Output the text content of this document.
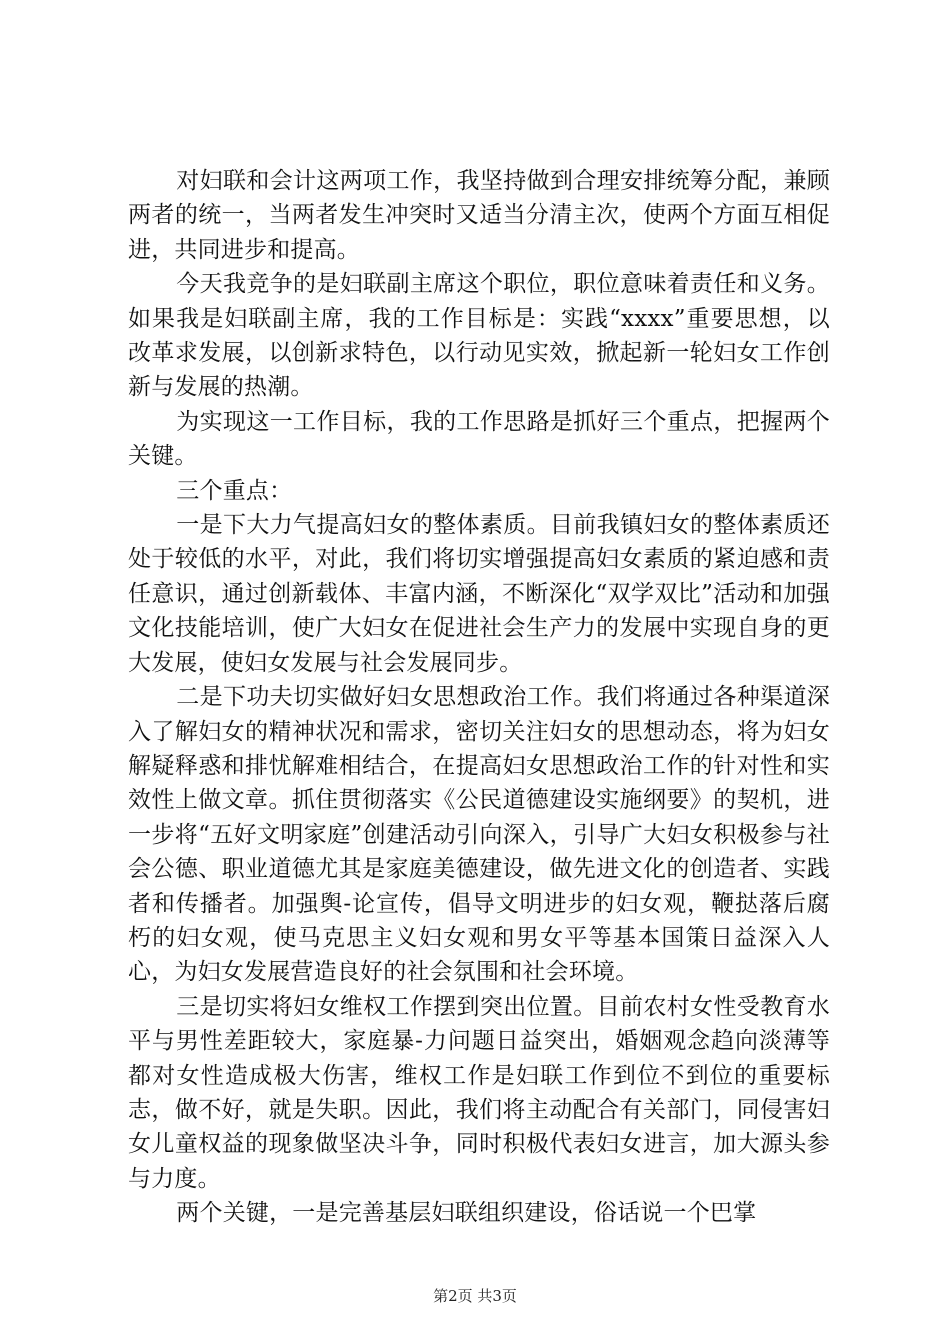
对妇联和会计这两项工作，我坚持做到合理安排统筹分配，兼顾两者的统一，当两者发生冲突时又适当分清主次，使两个方面互相促进，共同进步和提高。

今天我竞争的是妇联副主席这个职位，职位意味着责任和义务。如果我是妇联副主席，我的工作目标是：实践“xxxx”重要思想，以改革求发展，以创新求特色，以行动见实效，掀起新一轮妇女工作创新与发展的热潮。

为实现这一工作目标，我的工作思路是抓好三个重点，把握两个关键。

三个重点：

一是下大力气提高妇女的整体素质。目前我镇妇女的整体素质还处于较低的水平，对此，我们将切实增强提高妇女素质的紧迫感和责任意识，通过创新载体、丰富内涵，不断深化“双学双比”活动和加强文化技能培训，使广大妇女在促进社会生产力的发展中实现自身的更大发展，使妇女发展与社会发展同步。

二是下功夫切实做好妇女思想政治工作。我们将通过各种渠道深入了解妇女的精神状况和需求，密切关注妇女的思想动态，将为妇女解疑释惑和排忧解难相结合，在提高妇女思想政治工作的针对性和实效性上做文章。抓住贯彻落实《公民道德建设实施纲要》的契机，进一步将“五好文明家庭”创建活动引向深入，引导广大妇女积极参与社会公德、职业道德尤其是家庭美德建设，做先进文化的创造者、实践者和传播者。加强舆-论宣传，倡导文明进步的妇女观，鞭挞落后腐朽的妇女观，使马克思主义妇女观和男女平等基本国策日益深入人心，为妇女发展营造良好的社会氛围和社会环境。

三是切实将妇女维权工作摆到突出位置。目前农村女性受教育水平与男性差距较大，家庭暴-力问题日益突出，婚姻观念趋向淡薄等都对女性造成极大伤害，维权工作是妇联工作到位不到位的重要标志，做不好，就是失职。因此，我们将主动配合有关部门，同侵害妇女儿童权益的现象做坚决斗争，同时积极代表妇女进言，加大源头参与力度。

两个关键，一是完善基层妇联组织建设，俗话说一个巴掌

第2页 共3页
